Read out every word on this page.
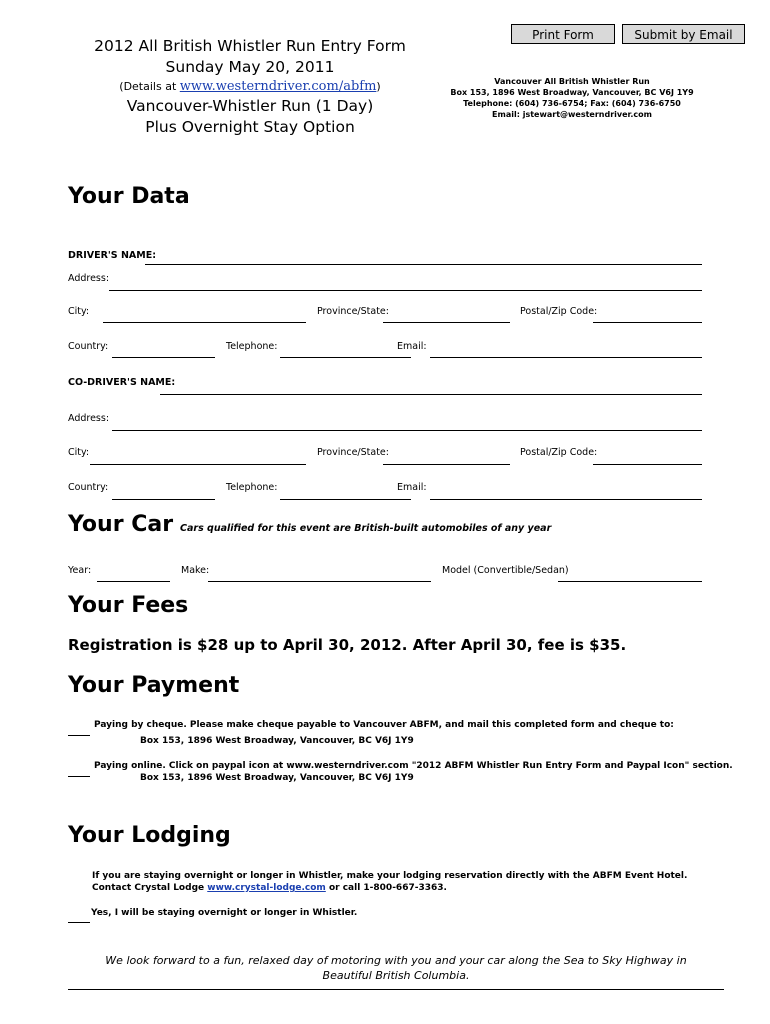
Print Form	Submit by Email
2012 All British Whistler Run Entry Form
Sunday May 20, 2011
(Details at www.westerndriver.com/abfm)
Vancouver-Whistler Run (1 Day)
Plus Overnight Stay Option
Vancouver All British Whistler Run
Box 153, 1896 West Broadway, Vancouver, BC V6J 1Y9
Telephone: (604) 736-6754; Fax: (604) 736-6750
Email: jstewart@westerndriver.com
Your Data
DRIVER'S NAME:
Address:
City:	Province/State:	Postal/Zip Code:
Country:	Telephone:	Email:
CO-DRIVER'S NAME:
Address:
City:	Province/State:	Postal/Zip Code:
Country:	Telephone:	Email:
Your Car Cars qualified for this event are British-built automobiles of any year
Year:	Make:	Model (Convertible/Sedan)
Your Fees
Registration is $28 up to April 30, 2012. After April 30, fee is $35.
Your Payment
Paying by cheque. Please make cheque payable to Vancouver ABFM, and mail this completed form and cheque to:
Box 153, 1896 West Broadway, Vancouver, BC V6J 1Y9
Paying online. Click on paypal icon at www.westerndriver.com "2012 ABFM Whistler Run Entry Form and Paypal Icon" section.
Box 153, 1896 West Broadway, Vancouver, BC V6J 1Y9
Your Lodging
If you are staying overnight or longer in Whistler, make your lodging reservation directly with the ABFM Event Hotel.
Contact Crystal Lodge www.crystal-lodge.com or call 1-800-667-3363.
Yes, I will be staying overnight or longer in Whistler.
We look forward to a fun, relaxed day of motoring with you and your car along the Sea to Sky Highway in
Beautiful British Columbia.
